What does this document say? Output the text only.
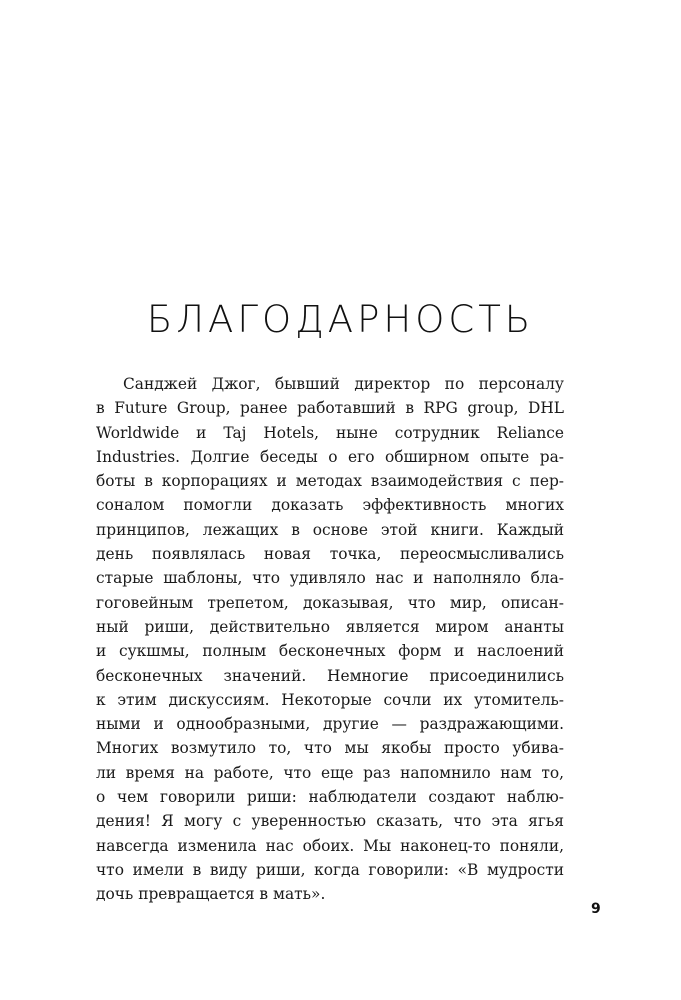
БЛАГОДАРНОСТЬ
Санджей Джог, бывший директор по персоналу
в Future Group, ранее работавший в RPG group, DHL
Worldwide и Taj Hotels, ныне сотрудник Reliance
Industries. Долгие беседы о его обширном опыте ра-
боты в корпорациях и методах взаимодействия с пер-
соналом помогли доказать эффективность многих
принципов, лежащих в основе этой книги. Каждый
день появлялась новая точка, переосмысливались
старые шаблоны, что удивляло нас и наполняло бла-
гоговейным трепетом, доказывая, что мир, описан-
ный риши, действительно является миром ананты
и сукшмы, полным бесконечных форм и наслоений
бесконечных значений. Немногие присоединились
к этим дискуссиям. Некоторые сочли их утомитель-
ными и однообразными, другие — раздражающими.
Многих возмутило то, что мы якобы просто убива-
ли время на работе, что еще раз напомнило нам то,
о чем говорили риши: наблюдатели создают наблю-
дения! Я могу с уверенностью сказать, что эта ягья
навсегда изменила нас обоих. Мы наконец-то поняли,
что имели в виду риши, когда говорили: «В мудрости
дочь превращается в мать».
9
